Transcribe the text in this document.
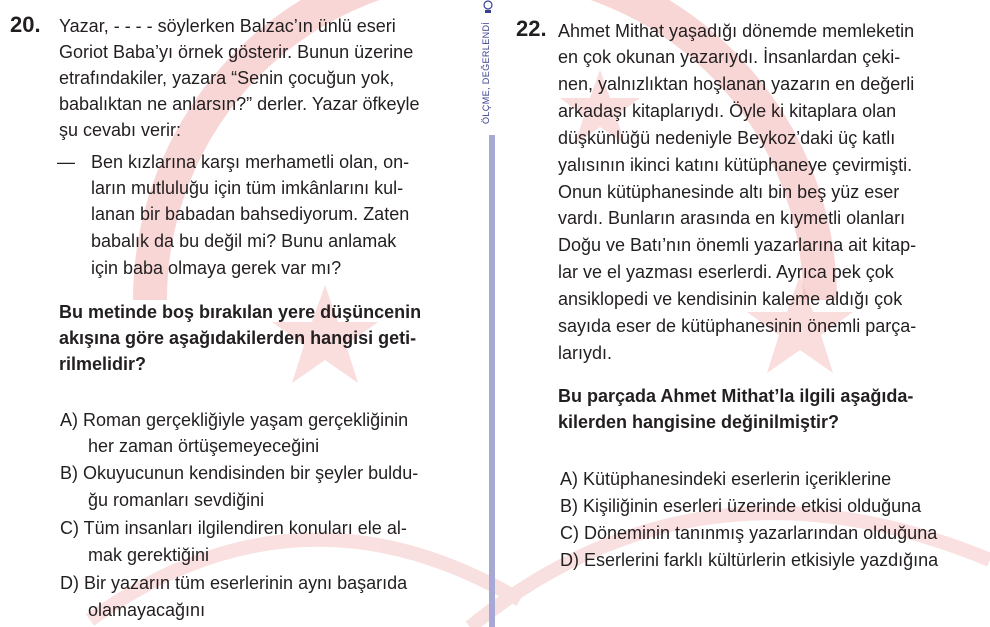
ÖLÇME, DEĞERLENDİ
20. Yazar, - - - - söylerken Balzac’ın ünlü eseri
Goriot Baba’yı örnek gösterir. Bunun üzerine
etrafındakiler, yazara “Senin çocuğun yok,
babalıktan ne anlarsın?” derler. Yazar öfkeyle
şu cevabı verir:
— Ben kızlarına karşı merhametli olan, on-
ların mutluluğu için tüm imkânlarını kul-
lanan bir babadan bahsediyorum. Zaten
babalık da bu değil mi? Bunu anlamak
için baba olmaya gerek var mı?
Bu metinde boş bırakılan yere düşüncenin
akışına göre aşağıdakilerden hangisi geti-
rilmelidir?
A) Roman gerçekliğiyle yaşam gerçekliğinin
her zaman örtüşemeyeceğini
B) Okuyucunun kendisinden bir şeyler buldu-
ğu romanları sevdiğini
C) Tüm insanları ilgilendiren konuları ele al-
mak gerektiğini
D) Bir yazarın tüm eserlerinin aynı başarıda
olamayacağını
22. Ahmet Mithat yaşadığı dönemde memleketin
en çok okunan yazarıydı. İnsanlardan çeki-
nen, yalnızlıktan hoşlanan yazarın en değerli
arkadaşı kitaplarıydı. Öyle ki kitaplara olan
düşkünlüğü nedeniyle Beykoz’daki üç katlı
yalısının ikinci katını kütüphaneye çevirmişti.
Onun kütüphanesinde altı bin beş yüz eser
vardı. Bunların arasında en kıymetli olanları
Doğu ve Batı’nın önemli yazarlarına ait kitap-
lar ve el yazması eserlerdi. Ayrıca pek çok
ansiklopedi ve kendisinin kaleme aldığı çok
sayıda eser de kütüphanesinin önemli parça-
larıydı.
Bu parçada Ahmet Mithat’la ilgili aşağıda-
kilerden hangisine değinilmiştir?
A) Kütüphanesindeki eserlerin içeriklerine
B) Kişiliğinin eserleri üzerinde etkisi olduğuna
C) Döneminin tanınmış yazarlarından olduğuna
D) Eserlerini farklı kültürlerin etkisiyle yazdığına
